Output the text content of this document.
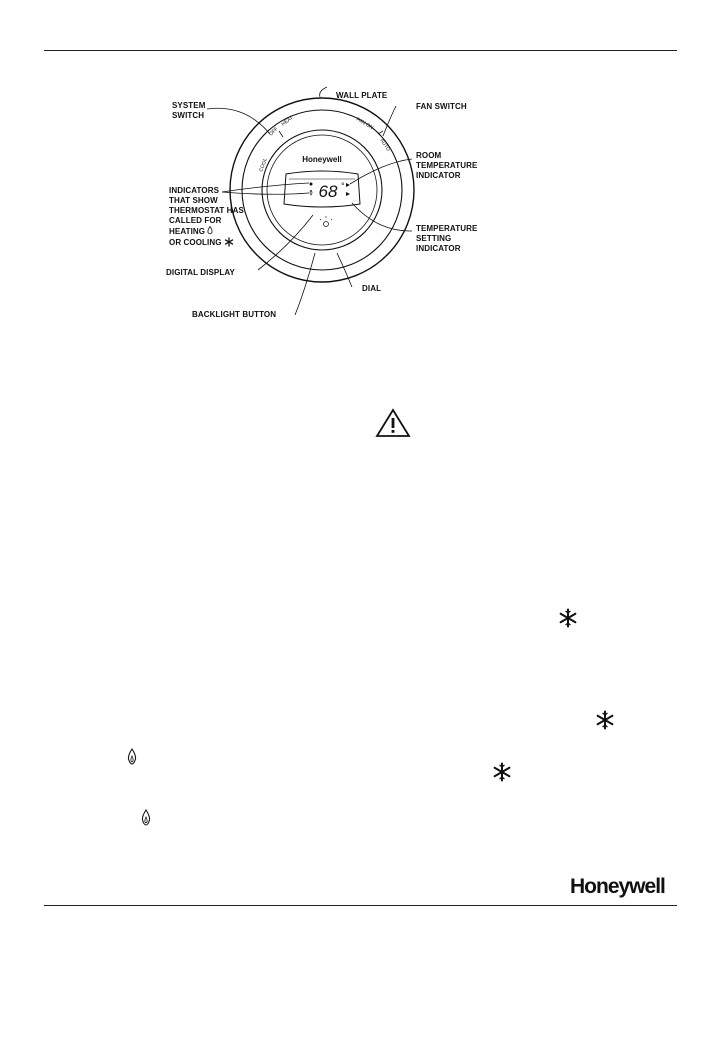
Honeywell
68 °
COOL
OFF
HEAT	FAN ON
AUTO
SYSTEM
SWITCH
WALL PLATE
FAN SWITCH
ROOM
TEMPERATURE
INDICATOR
INDICATORS
THAT SHOW
THERMOSTAT HAS
CALLED FOR
HEATING
OR COOLING
TEMPERATURE
SETTING
INDICATOR
DIGITAL DISPLAY
DIAL
BACKLIGHT BUTTON
Honeywell
